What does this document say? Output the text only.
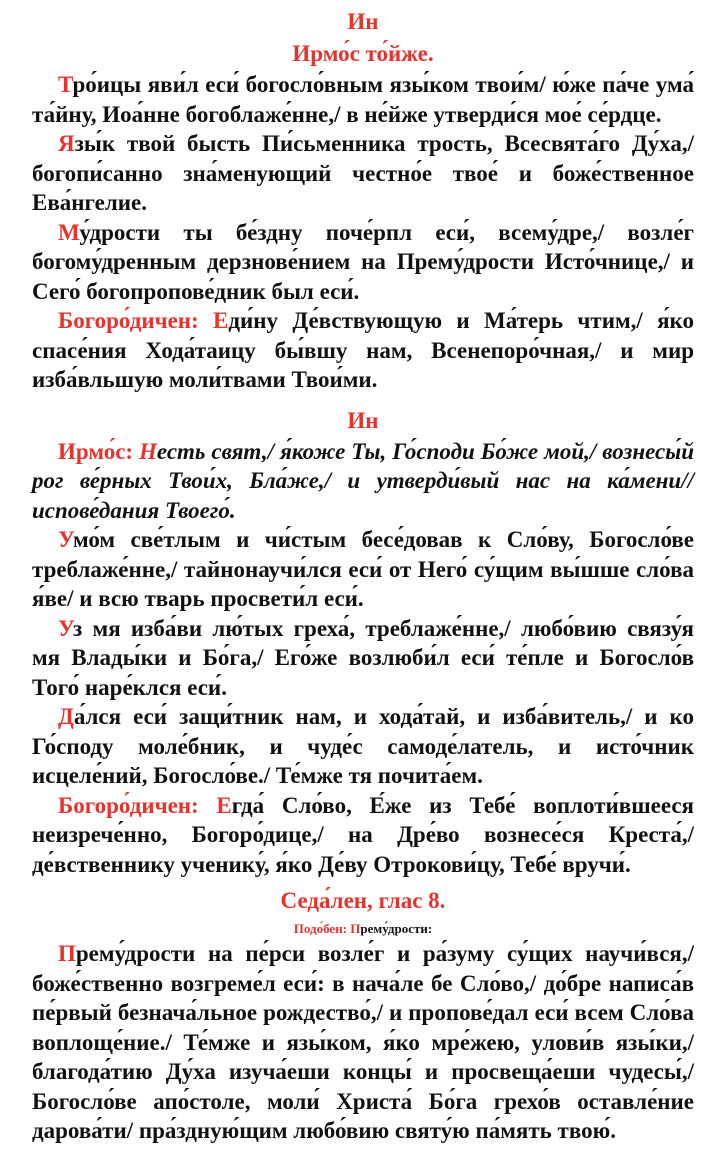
Ин
Ирмо́с то́йже.

Тро́ицы яви́л еси́ богосло́вным язы́ком твои́м/ ю́же па́че ума́ та́йну, Иоа́нне богоблаже́нне,/ в не́йже утверди́ся мое́ се́рдце.

Язы́к твой бысть Пи́сьменника трость, Всесвята́го Ду́ха,/ богопи́санно зна́менующий честно́е твое́ и боже́ственное Ева́нгелие.

Му́дрости ты бе́здну поче́рпл еси́, всему́дре,/ возле́г богому́дренным дерзнове́нием на Прему́дрости Исто́чнице,/ и Сего́ богопропове́дник был еси́.

Богоро́дичен: Еди́ну Де́вствующую и Ма́терь чтим,/ я́ко спасе́ния Хода́таицу бы́вшу нам, Всенепоро́чная,/ и мир изба́вльшую моли́твами Твои́ми.

Ин

Ирмо́с: Несть свят,/ я́коже Ты, Го́споди Бо́же мой,/ вознесы́й рог ве́рных Твои́х, Бла́же,/ и утверди́вый нас на ка́мени// испове́дания Твоего́.

Умо́м све́тлым и чи́стым бесе́довав к Сло́ву, Богосло́ве треблаже́нне,/ тайнонаучи́лся еси́ от Него́ су́щим вы́шше сло́ва я́ве/ и всю тварь просвети́л еси́.

Уз мя изба́ви лю́тых греха́, треблаже́нне,/ любо́вию связу́я мя Влады́ки и Бо́га,/ Его́же возлюби́л еси́ те́пле и Богосло́в Того́ наре́клся еси́.

Да́лся еси́ защи́тник нам, и хода́тай, и изба́витель,/ и ко Го́споду моле́бник, и чуде́с самоде́латель, и исто́чник исцеле́ний, Богосло́ве./ Те́мже тя почита́ем.

Богоро́дичен: Егда́ Сло́во, Е́же из Тебе́ воплоти́вшееся неизрече́нно, Богоро́дице,/ на Дре́во вознесе́ся Креста́,/ де́вственнику ученику́, я́ко Де́ву Отрокови́цу, Тебе́ вручи́.

Седа́лен, глас 8.
Подо́бен: Прему́дрости:

Прему́дрости на пе́рси возле́г и ра́зуму су́щих научи́вся,/ боже́ственно возгреме́л еси́: в нача́ле бе Сло́во,/ до́бре написа́в пе́рвый безнача́льное рождество́,/ и пропове́дал еси́ всем Сло́ва воплоще́ние./ Те́мже и язы́ком, я́ко мре́жею, улови́в язы́ки,/ благода́тию Ду́ха изуча́еши концы́ и просвеща́еши чудесы́,/ Богосло́ве апо́столе, моли́ Христа́ Бо́га грехо́в оставле́ние дарова́ти/ пра́здную́щим любо́вию святу́ю па́мять твою́.
